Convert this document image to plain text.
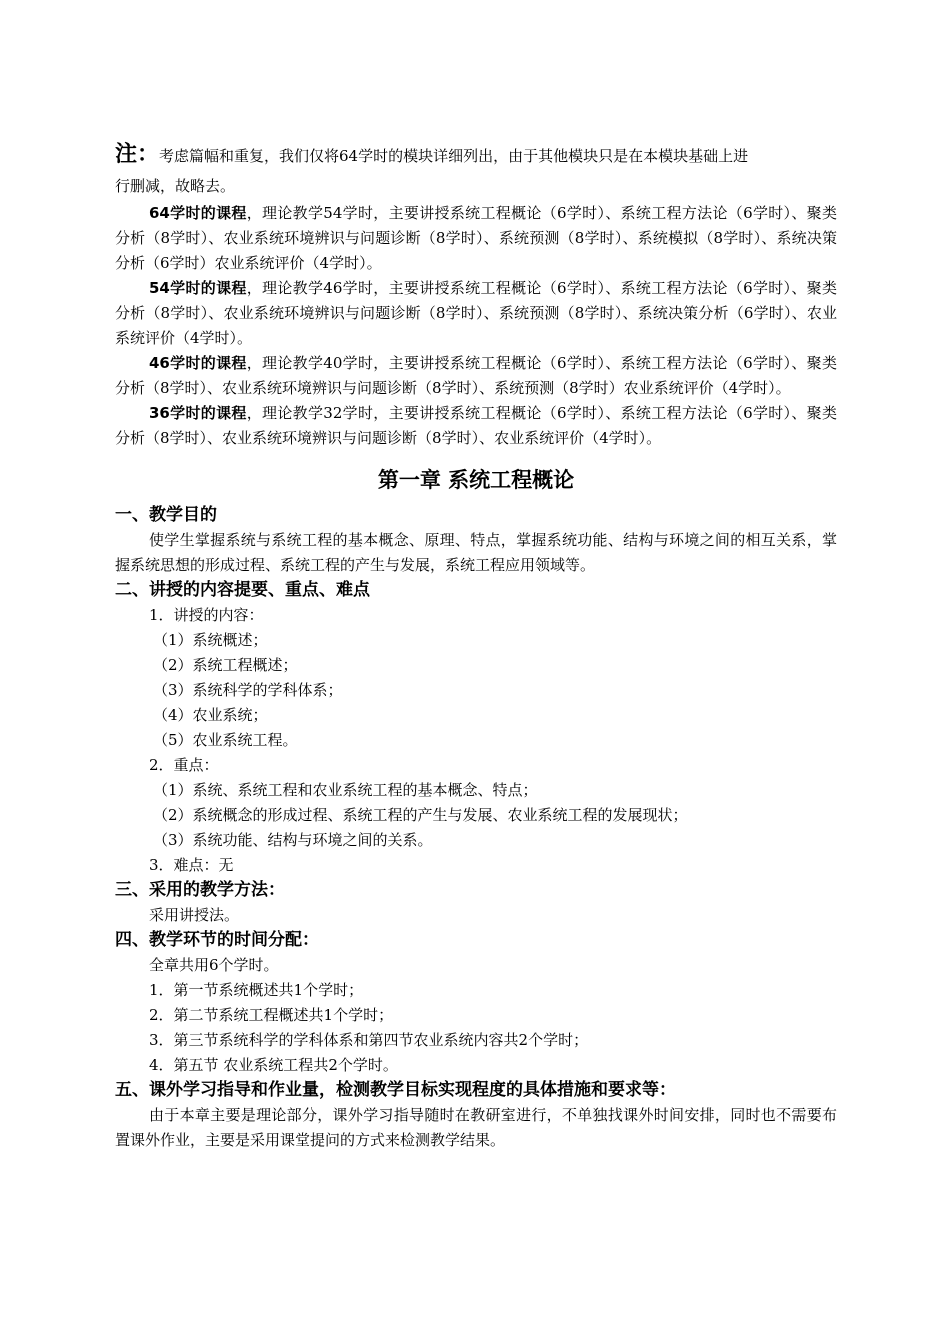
注：考虑篇幅和重复，我们仅将64学时的模块详细列出，由于其他模块只是在本模块基础上进

行删减，故略去。

64学时的课程，理论教学54学时，主要讲授系统工程概论（6学时）、系统工程方法论（6学时）、聚类分析（8学时）、农业系统环境辨识与问题诊断（8学时）、系统预测（8学时）、系统模拟（8学时）、系统决策分析（6学时）农业系统评价（4学时）。

54学时的课程，理论教学46学时，主要讲授系统工程概论（6学时）、系统工程方法论（6学时）、聚类分析（8学时）、农业系统环境辨识与问题诊断（8学时）、系统预测（8学时）、系统决策分析（6学时）、农业系统评价（4学时）。

46学时的课程，理论教学40学时，主要讲授系统工程概论（6学时）、系统工程方法论（6学时）、聚类分析（8学时）、农业系统环境辨识与问题诊断（8学时）、系统预测（8学时）农业系统评价（4学时）。

36学时的课程，理论教学32学时，主要讲授系统工程概论（6学时）、系统工程方法论（6学时）、聚类分析（8学时）、农业系统环境辨识与问题诊断（8学时）、农业系统评价（4学时）。

第一章 系统工程概论

一、教学目的

使学生掌握系统与系统工程的基本概念、原理、特点，掌握系统功能、结构与环境之间的相互关系，掌握系统思想的形成过程、系统工程的产生与发展，系统工程应用领域等。

二、讲授的内容提要、重点、难点

1．讲授的内容：

（1）系统概述；

（2）系统工程概述；

（3）系统科学的学科体系；

（4）农业系统；

（5）农业系统工程。

2．重点：

（1）系统、系统工程和农业系统工程的基本概念、特点；

（2）系统概念的形成过程、系统工程的产生与发展、农业系统工程的发展现状；

（3）系统功能、结构与环境之间的关系。

3．难点：无

三、采用的教学方法：

采用讲授法。

四、教学环节的时间分配：

全章共用6个学时。

1．第一节系统概述共1个学时；

2．第二节系统工程概述共1个学时；

3．第三节系统科学的学科体系和第四节农业系统内容共2个学时；

4．第五节 农业系统工程共2个学时。

五、课外学习指导和作业量，检测教学目标实现程度的具体措施和要求等：

由于本章主要是理论部分，课外学习指导随时在教研室进行，不单独找课外时间安排，同时也不需要布置课外作业，主要是采用课堂提问的方式来检测教学结果。
